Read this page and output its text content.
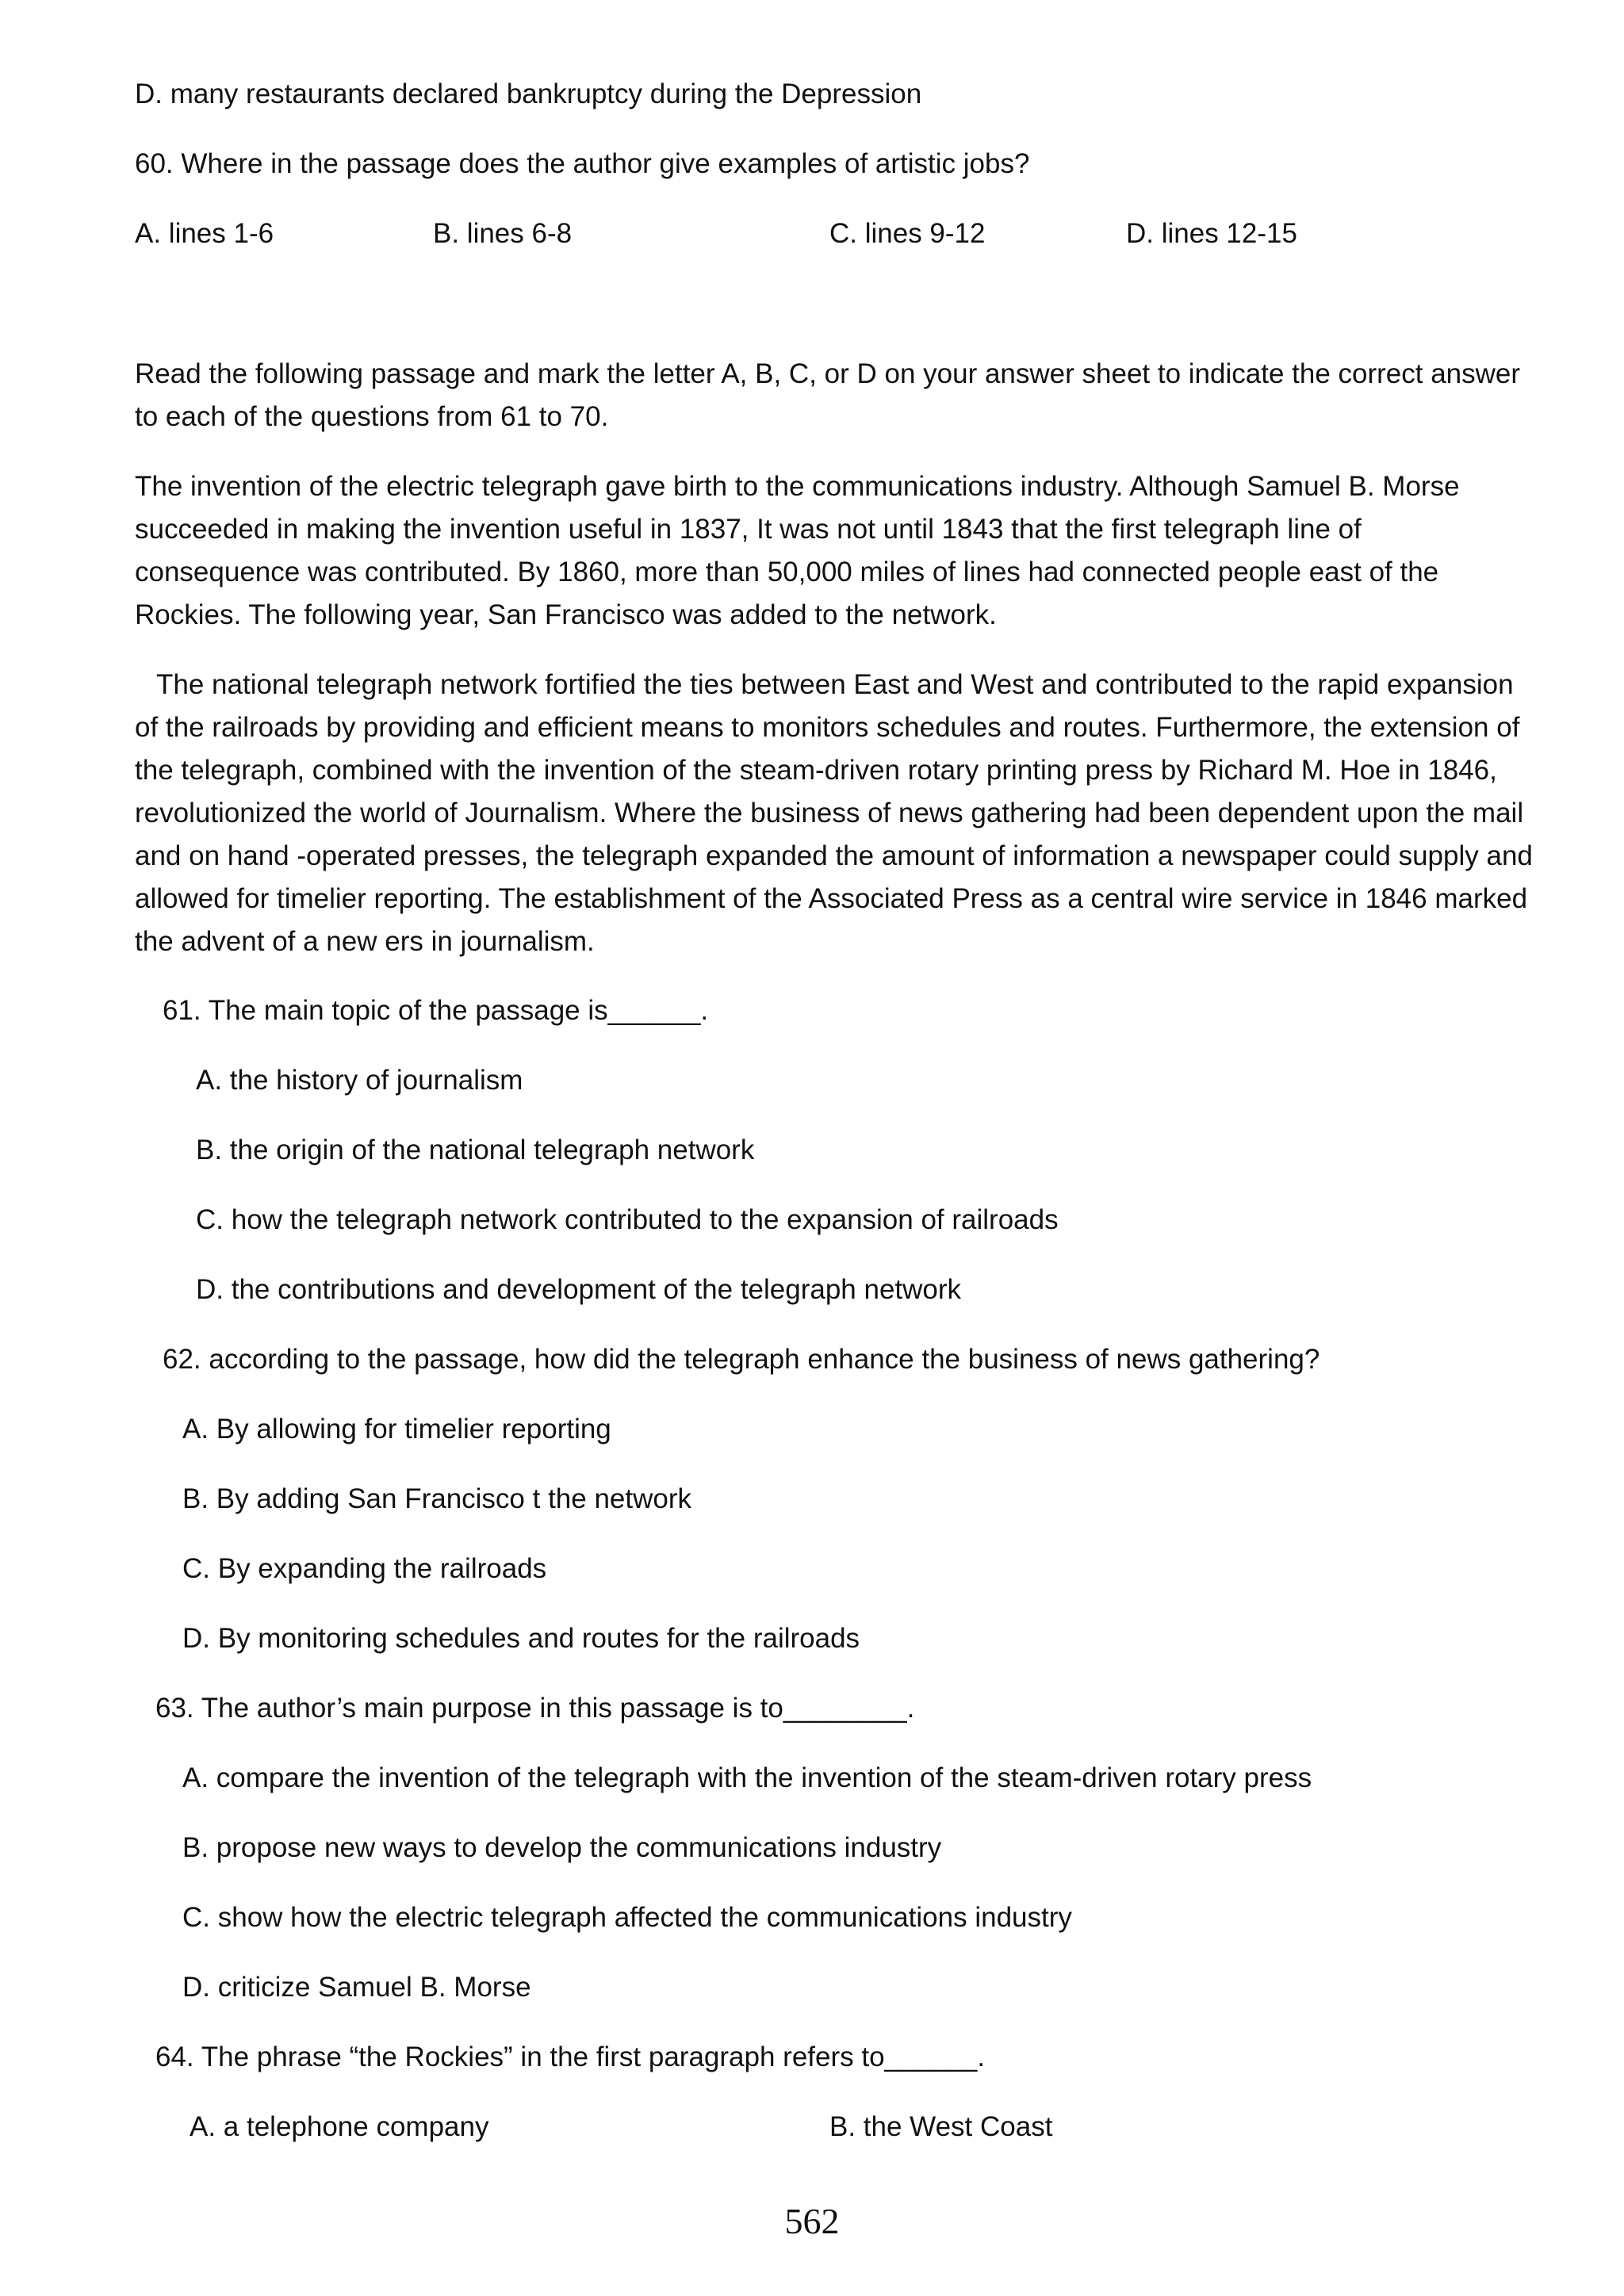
D. many restaurants declared bankruptcy during the Depression

60. Where in the passage does the author give examples of artistic jobs?

A. lines 1-6	B. lines 6-8	C. lines 9-12	D. lines 12-15
Read the following passage and mark the letter A, B, C, or D on your answer sheet to indicate the correct answer
to each of the questions from 61 to 70.
The invention of the electric telegraph gave birth to the communications industry. Although Samuel B. Morse
succeeded in making the invention useful in 1837, It was not until 1843 that the first telegraph line of
consequence was contributed. By 1860, more than 50,000 miles of lines had connected people east of the
Rockies. The following year, San Francisco was added to the network.
The national telegraph network fortified the ties between East and West and contributed to the rapid expansion
of the railroads by providing and efficient means to monitors schedules and routes. Furthermore, the extension of
the telegraph, combined with the invention of the steam-driven rotary printing press by Richard M. Hoe in 1846,
revolutionized the world of Journalism. Where the business of news gathering had been dependent upon the mail
and on hand -operated presses, the telegraph expanded the amount of information a newspaper could supply and
allowed for timelier reporting. The establishment of the Associated Press as a central wire service in 1846 marked
the advent of a new ers in journalism.

61. The main topic of the passage is______.

A. the history of journalism

B. the origin of the national telegraph network

C. how the telegraph network contributed to the expansion of railroads

D. the contributions and development of the telegraph network

62. according to the passage, how did the telegraph enhance the business of news gathering?

A. By allowing for timelier reporting

B. By adding San Francisco t the network

C. By expanding the railroads

D. By monitoring schedules and routes for the railroads

63. The author’s main purpose in this passage is to________.

A. compare the invention of the telegraph with the invention of the steam-driven rotary press

B. propose new ways to develop the communications industry

C. show how the electric telegraph affected the communications industry

D. criticize Samuel B. Morse

64. The phrase “the Rockies” in the first paragraph refers to______.

A. a telephone company	B. the West Coast

562
